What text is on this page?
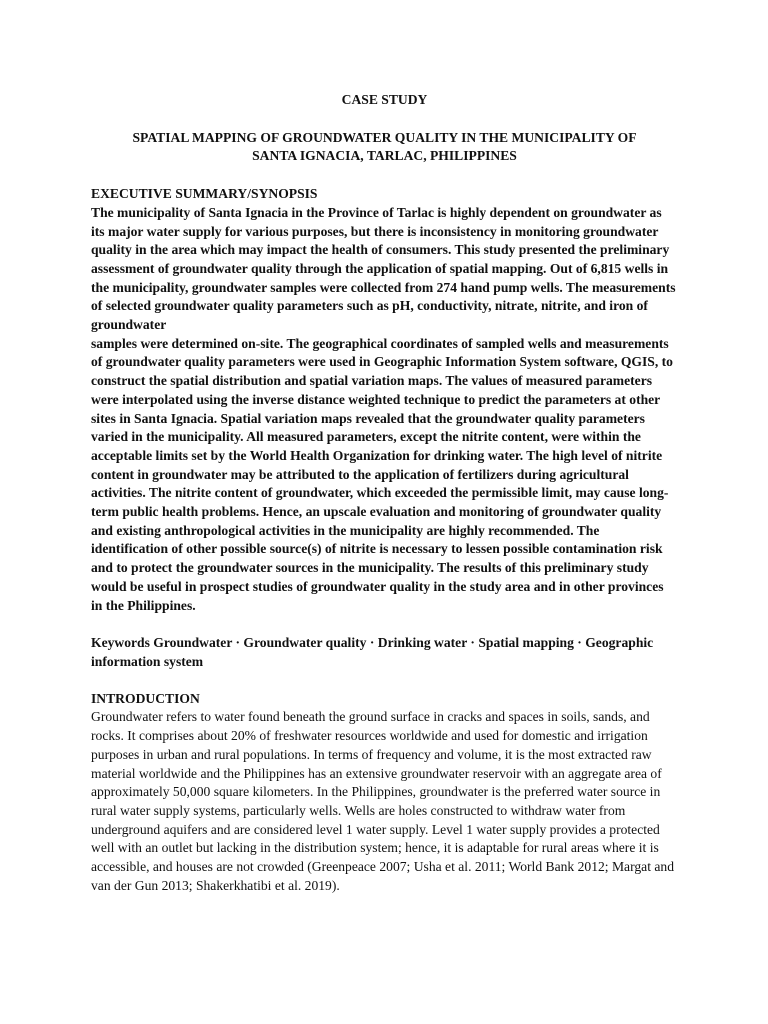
CASE STUDY

SPATIAL MAPPING OF GROUNDWATER QUALITY IN THE MUNICIPALITY OF
SANTA IGNACIA, TARLAC, PHILIPPINES

EXECUTIVE SUMMARY/SYNOPSIS

The municipality of Santa Ignacia in the Province of Tarlac is highly dependent on groundwater as its major water supply for various purposes, but there is inconsistency in monitoring groundwater quality in the area which may impact the health of consumers. This study presented the preliminary assessment of groundwater quality through the application of spatial mapping. Out of 6,815 wells in the municipality, groundwater samples were collected from 274 hand pump wells. The measurements of selected groundwater quality parameters such as pH, conductivity, nitrate, nitrite, and iron of groundwater

samples were determined on-site. The geographical coordinates of sampled wells and measurements of groundwater quality parameters were used in Geographic Information System software, QGIS, to construct the spatial distribution and spatial variation maps. The values of measured parameters were interpolated using the inverse distance weighted technique to predict the parameters at other sites in Santa Ignacia. Spatial variation maps revealed that the groundwater quality parameters varied in the municipality. All measured parameters, except the nitrite content, were within the acceptable limits set by the World Health Organization for drinking water. The high level of nitrite content in groundwater may be attributed to the application of fertilizers during agricultural activities. The nitrite content of groundwater, which exceeded the permissible limit, may cause long-term public health problems. Hence, an upscale evaluation and monitoring of groundwater quality and existing anthropological activities in the municipality are highly recommended. The identification of other possible source(s) of nitrite is necessary to lessen possible contamination risk and to protect the groundwater sources in the municipality. The results of this preliminary study would be useful in prospect studies of groundwater quality in the study area and in other provinces in the Philippines.

Keywords Groundwater · Groundwater quality · Drinking water · Spatial mapping · Geographic information system

INTRODUCTION

Groundwater refers to water found beneath the ground surface in cracks and spaces in soils, sands, and rocks. It comprises about 20% of freshwater resources worldwide and used for domestic and irrigation purposes in urban and rural populations. In terms of frequency and volume, it is the most extracted raw material worldwide and the Philippines has an extensive groundwater reservoir with an aggregate area of approximately 50,000 square kilometers. In the Philippines, groundwater is the preferred water source in rural water supply systems, particularly wells. Wells are holes constructed to withdraw water from underground aquifers and are considered level 1 water supply. Level 1 water supply provides a protected well with an outlet but lacking in the distribution system; hence, it is adaptable for rural areas where it is accessible, and houses are not crowded (Greenpeace 2007; Usha et al. 2011; World Bank 2012; Margat and van der Gun 2013; Shakerkhatibi et al. 2019).
